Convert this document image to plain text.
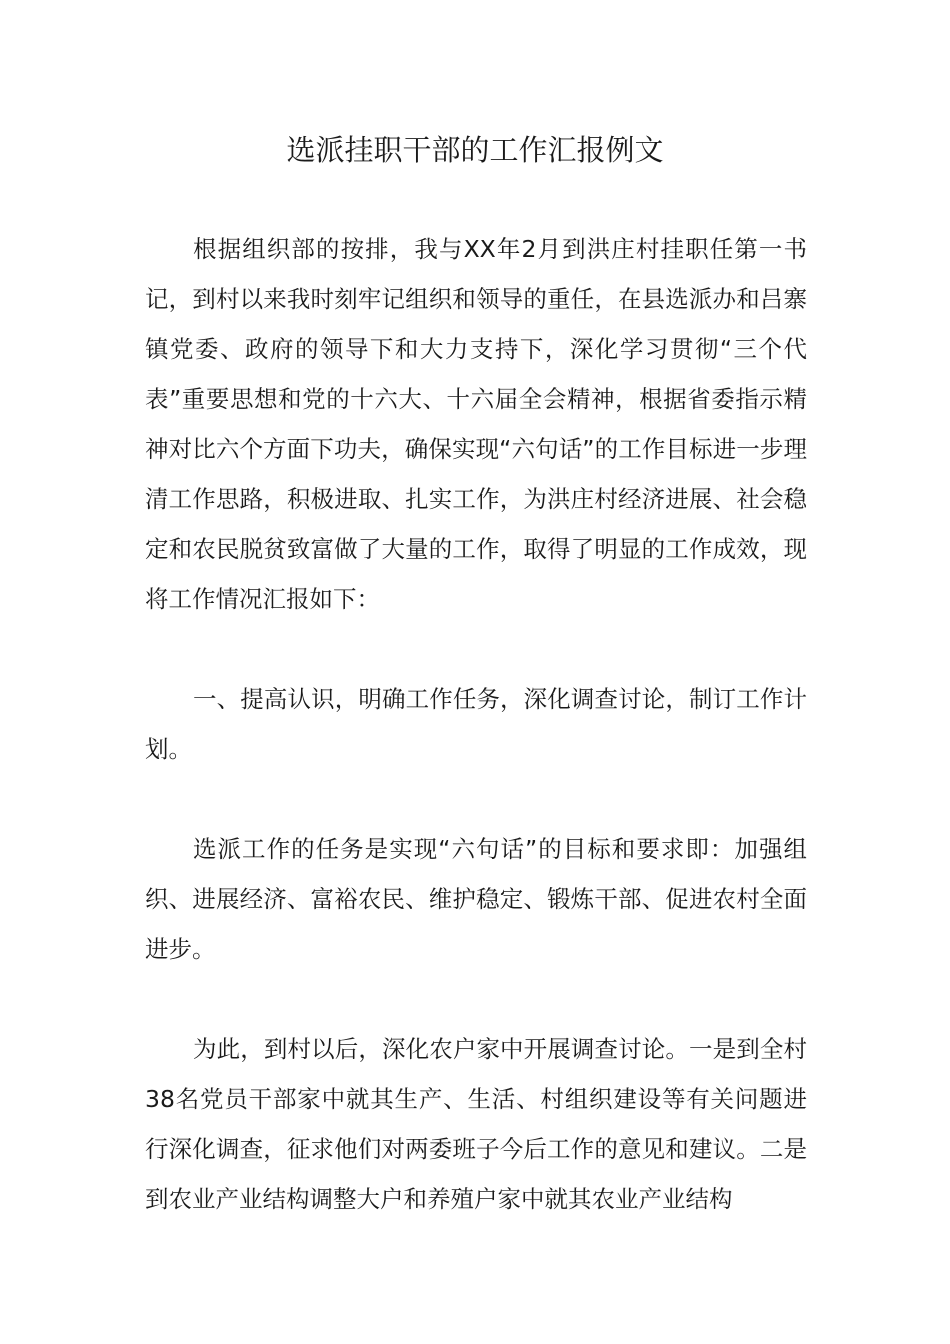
选派挂职干部的工作汇报例文

根据组织部的按排，我与XX年2月到洪庄村挂职任第一书记，到村以来我时刻牢记组织和领导的重任，在县选派办和吕寨镇党委、政府的领导下和大力支持下，深化学习贯彻“三个代表”重要思想和党的十六大、十六届全会精神，根据省委指示精神对比六个方面下功夫，确保实现“六句话”的工作目标进一步理清工作思路，积极进取、扎实工作，为洪庄村经济进展、社会稳定和农民脱贫致富做了大量的工作，取得了明显的工作成效，现将工作情况汇报如下：

一、提高认识，明确工作任务，深化调查讨论，制订工作计划。

选派工作的任务是实现“六句话”的目标和要求即：加强组织、进展经济、富裕农民、维护稳定、锻炼干部、促进农村全面进步。

为此，到村以后，深化农户家中开展调查讨论。一是到全村38名党员干部家中就其生产、生活、村组织建设等有关问题进行深化调查，征求他们对两委班子今后工作的意见和建议。二是到农业产业结构调整大户和养殖户家中就其农业产业结构
